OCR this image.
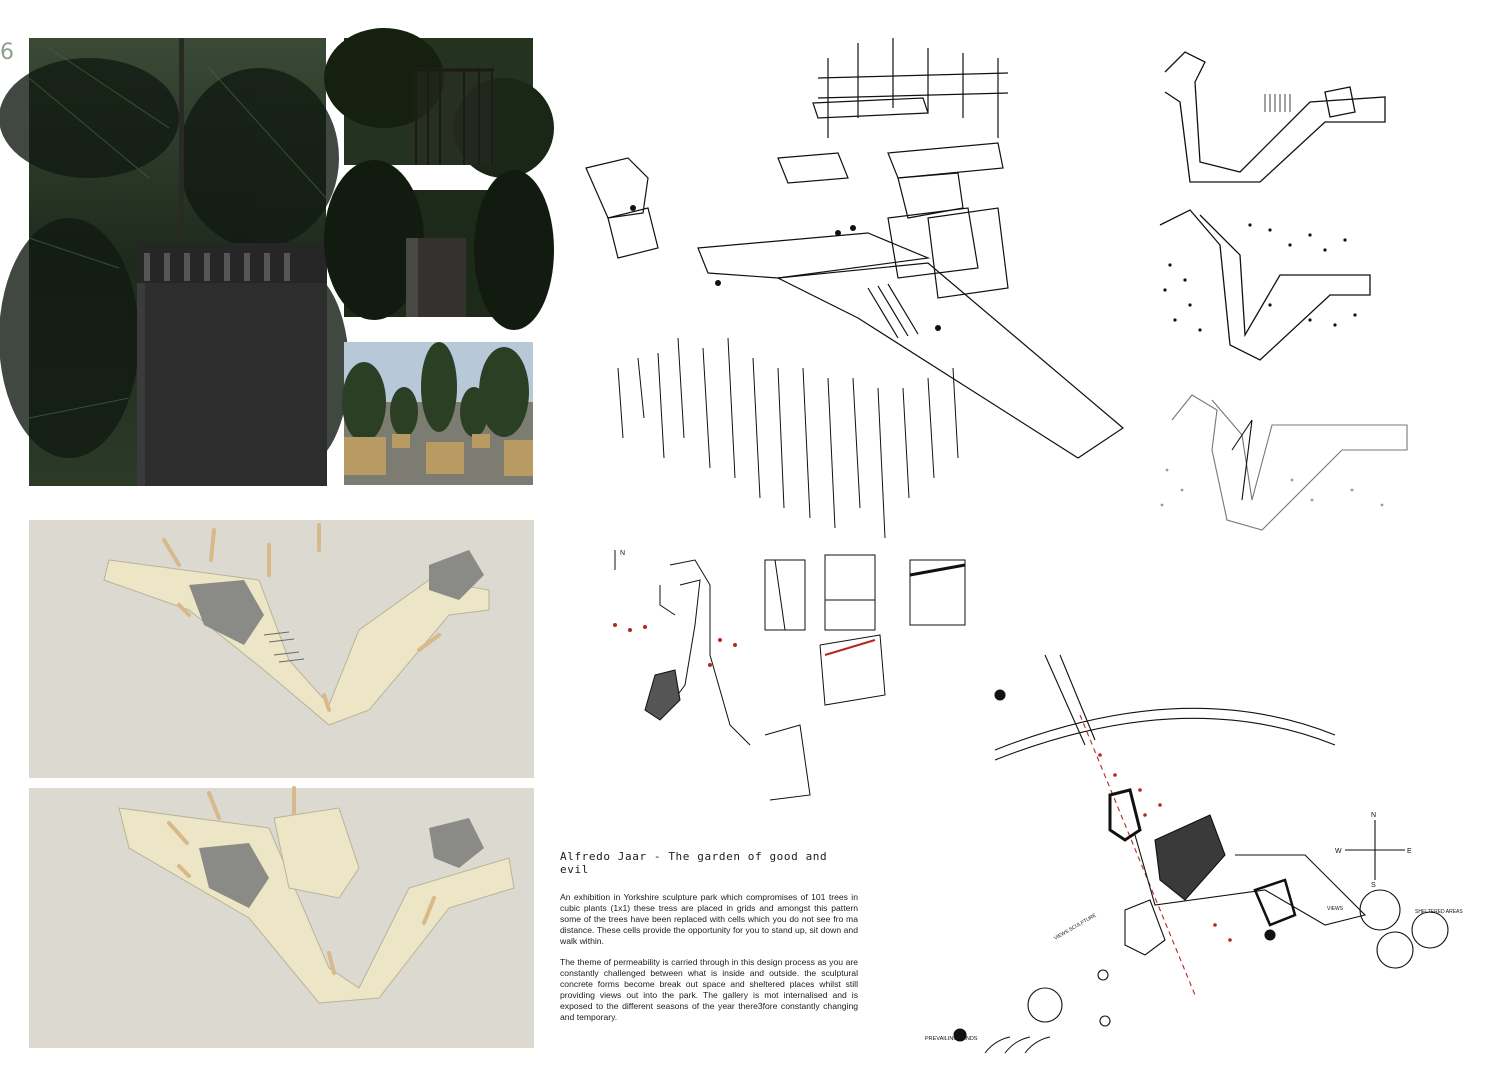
6
N
N
S
E
W
SHELTERED AREAS
VIEWS SCULPTURE
VIEWS
PREVAILING WINDS
Alfredo Jaar - The garden of good and evil

An exhibition in Yorkshire sculpture park which compromises of 101 trees in cubic plants (1x1) these tress are placed in grids and amongst this pattern some of the trees have been replaced with cells which you do not see fro ma distance. These cells provide the opportunity for you to stand up, sit down and walk within.

The theme of permeability is carried through in this design process as you are constantly challenged between what is inside and outside. the sculptural concrete forms become break out space and sheltered places whilst still providing views out into the park. The gallery is mot internalised and is exposed to the different seasons of the year there3fore constantly changing and temporary.
